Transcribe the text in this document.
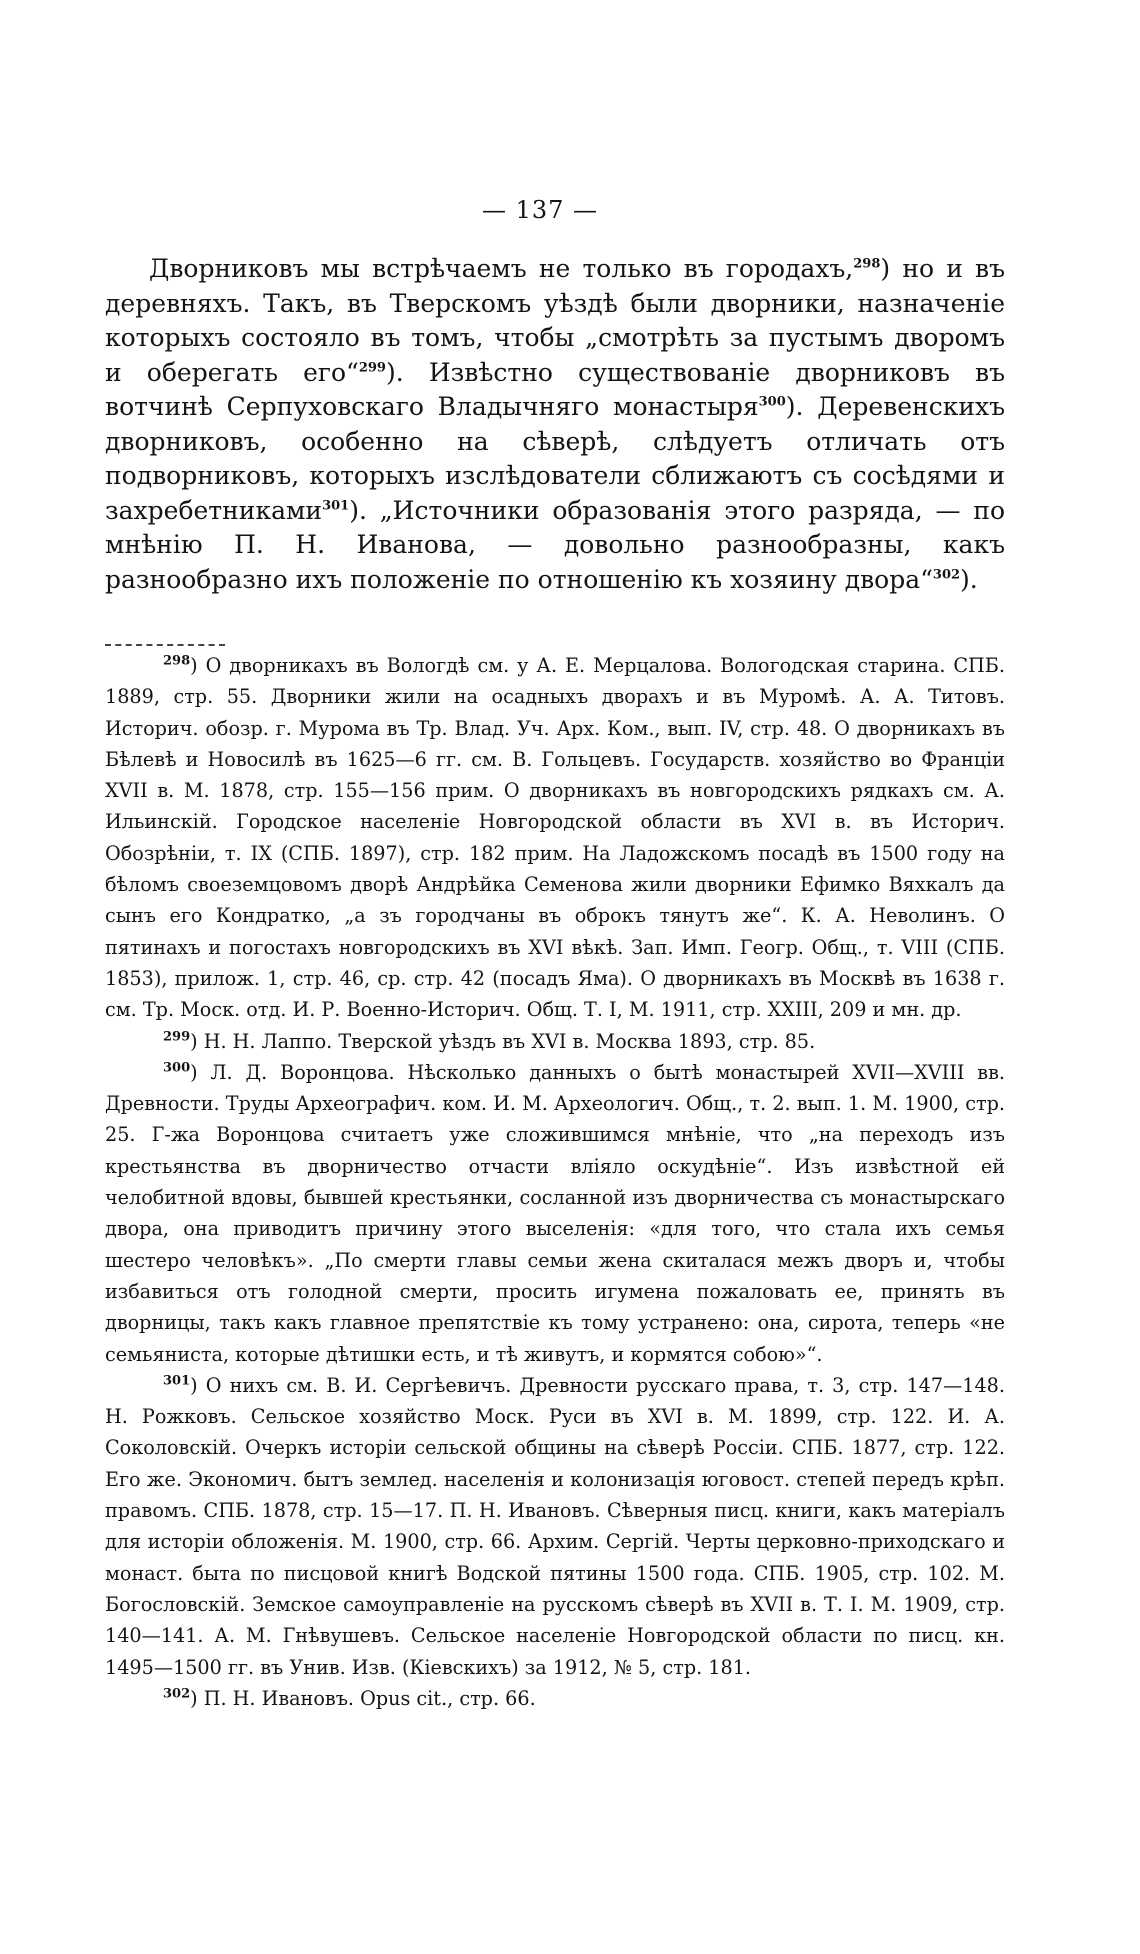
— 137 —

Дворниковъ мы встрѣчаемъ не только въ городахъ,$^{298}$) но и въ деревняхъ. Такъ, въ Тверскомъ уѣздѣ были дворники, назначеніе которыхъ состояло въ томъ, чтобы „смотрѣть за пустымъ дворомъ и оберегать его“$^{299}$). Извѣстно существованіе дворниковъ въ вотчинѣ Серпуховскаго Владычняго монастыря$^{300}$). Деревенскихъ дворниковъ, особенно на сѣверѣ, слѣдуетъ отличать отъ подворниковъ, которыхъ изслѣдователи сближаютъ съ сосѣдями и захребетниками$^{301}$). „Источники образованія этого разряда, — по мнѣнію П. Н. Иванова, — довольно разнообразны, какъ разнообразно ихъ положеніе по отношенію къ хозяину двора“$^{302}$).

$^{298}$) О дворникахъ въ Вологдѣ см. у А. Е. Мерцалова. Вологодская старина. СПБ. 1889, стр. 55. Дворники жили на осадныхъ дворахъ и въ Муромѣ. А. А. Титовъ. Историч. обозр. г. Мурома въ Тр. Влад. Уч. Арх. Ком., вып. IV, стр. 48. О дворникахъ въ Бѣлевѣ и Новосилѣ въ 1625—6 гг. см. В. Гольцевъ. Государств. хозяйство во Франціи XVII в. М. 1878, стр. 155—156 прим. О дворникахъ въ новгородскихъ рядкахъ см. А. Ильинскій. Городское населеніе Новгородской области въ XVI в. въ Историч. Обозрѣніи, т. IX (СПБ. 1897), стр. 182 прим. На Ладожскомъ посадѣ въ 1500 году на бѣломъ своеземцовомъ дворѣ Андрѣйка Семенова жили дворники Ефимко Вяхкалъ да сынъ его Кондратко, „а зъ городчаны въ оброкъ тянутъ же“. К. А. Неволинъ. О пятинахъ и погостахъ новгородскихъ въ XVI вѣкѣ. Зап. Имп. Геогр. Общ., т. VIII (СПБ. 1853), прилож. 1, стр. 46, ср. стр. 42 (посадъ Яма). О дворникахъ въ Москвѣ въ 1638 г. см. Тр. Моск. отд. И. Р. Военно-Историч. Общ. Т. I, М. 1911, стр. XXIII, 209 и мн. др.

$^{299}$) Н. Н. Лаппо. Тверской уѣздъ въ XVI в. Москва 1893, стр. 85.

$^{300}$) Л. Д. Воронцова. Нѣсколько данныхъ о бытѣ монастырей XVII—XVIII вв. Древности. Труды Археографич. ком. И. М. Археологич. Общ., т. 2. вып. 1. М. 1900, стр. 25. Г-жа Воронцова считаетъ уже сложившимся мнѣніе, что „на переходъ изъ крестьянства въ дворничество отчасти вліяло оскудѣніе“. Изъ извѣстной ей челобитной вдовы, бывшей крестьянки, сосланной изъ дворничества съ монастырскаго двора, она приводитъ причину этого выселенія: «для того, что стала ихъ семья шестеро человѣкъ». „По смерти главы семьи жена скиталася межъ дворъ и, чтобы избавиться отъ голодной смерти, просить игумена пожаловать ее, принять въ дворницы, такъ какъ главное препятствіе къ тому устранено: она, сирота, теперь «не семьянистa, которые дѣтишки есть, и тѣ живутъ, и кормятся собою»“.

$^{301}$) О нихъ см. В. И. Сергѣевичъ. Древности русскаго права, т. 3, стр. 147—148. Н. Рожковъ. Сельское хозяйство Моск. Руси въ XVI в. М. 1899, стр. 122. И. А. Соколовскій. Очеркъ исторіи сельской общины на сѣверѣ Россіи. СПБ. 1877, стр. 122. Его же. Экономич. бытъ землед. населенія и колонизація юговост. степей передъ крѣп. правомъ. СПБ. 1878, стр. 15—17. П. Н. Ивановъ. Сѣверныя писц. книги, какъ матеріалъ для исторіи обложенія. М. 1900, стр. 66. Архим. Сергій. Черты церковно-приходскаго и монаст. быта по писцовой книгѣ Водской пятины 1500 года. СПБ. 1905, стр. 102. М. Богословскій. Земское самоуправленіе на русскомъ сѣверѣ въ XVII в. Т. I. М. 1909, стр. 140—141. А. М. Гнѣвушевъ. Сельское населеніе Новгородской области по писц. кн. 1495—1500 гг. въ Унив. Изв. (Кіевскихъ) за 1912, № 5, стр. 181.

$^{302}$) П. Н. Ивановъ. Opus cit., стр. 66.
